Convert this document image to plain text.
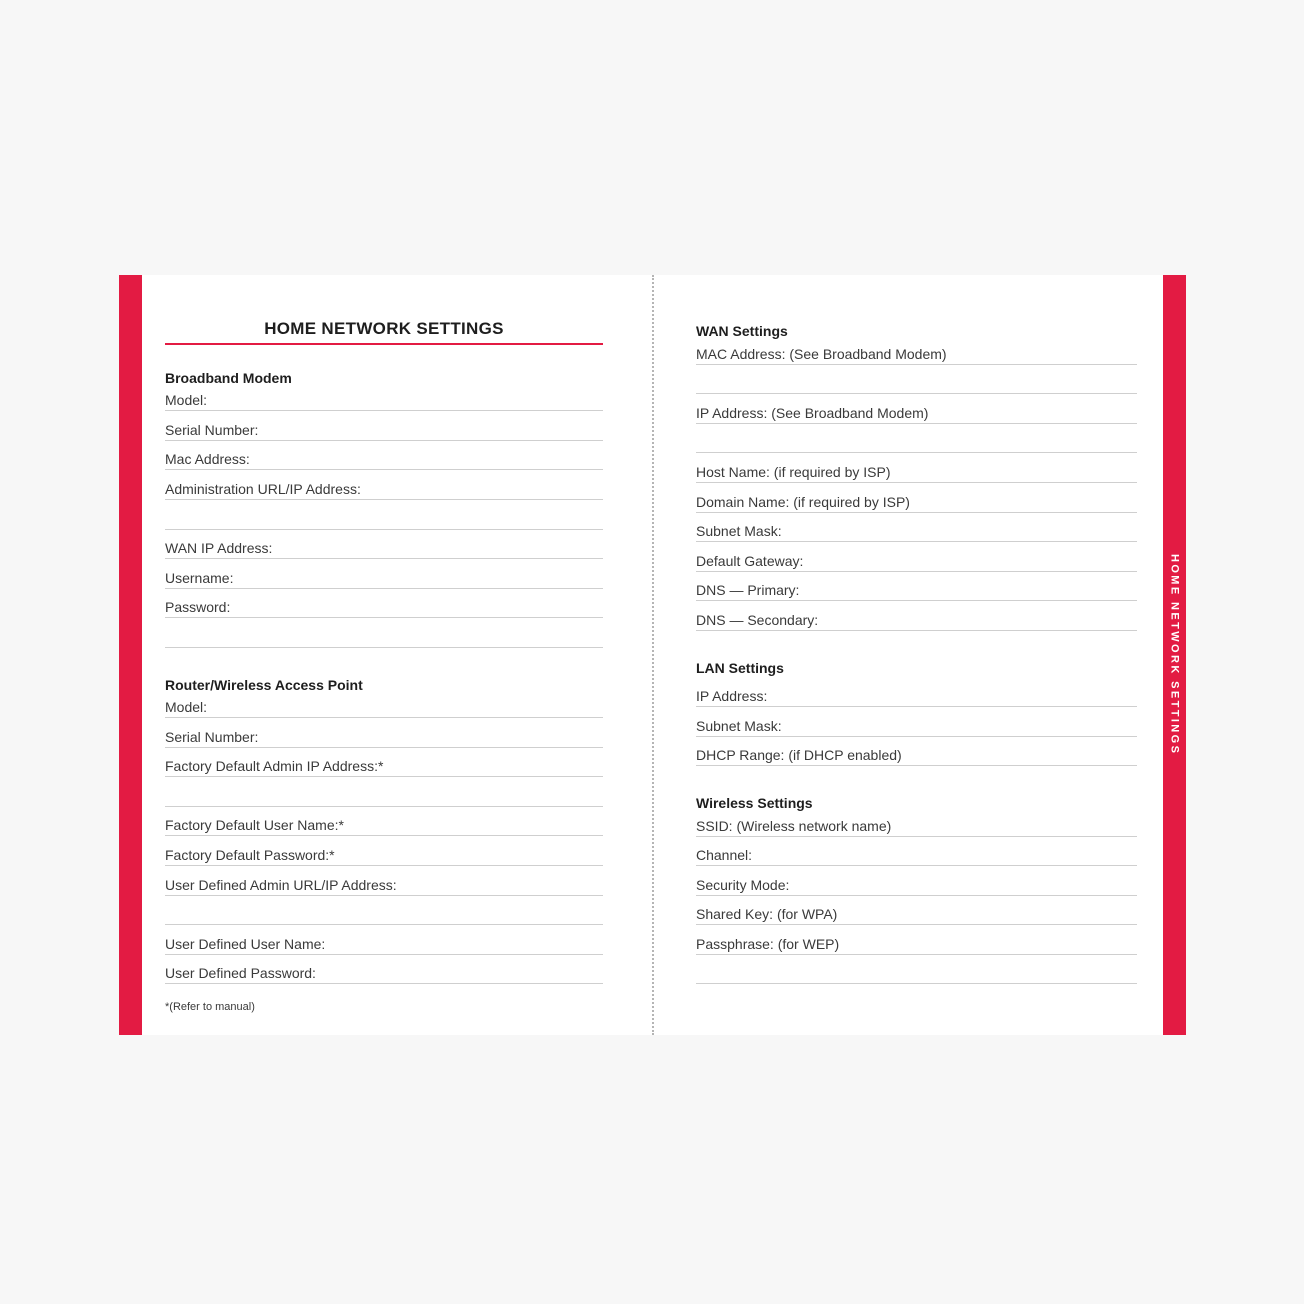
HOME NETWORK SETTINGS
HOME NETWORK SETTINGS
Broadband Modem
Model:
Serial Number:
Mac Address:
Administration URL/IP Address:
WAN IP Address:
Username:
Password:
Router/Wireless Access Point
Model:
Serial Number:
Factory Default Admin IP Address:*
Factory Default User Name:*
Factory Default Password:*
User Defined Admin URL/IP Address:
User Defined User Name:
User Defined Password:
*(Refer to manual)
WAN Settings
MAC Address: (See Broadband Modem)
IP Address: (See Broadband Modem)
Host Name: (if required by ISP)
Domain Name: (if required by ISP)
Subnet Mask:
Default Gateway:
DNS — Primary:
DNS — Secondary:
LAN Settings
IP Address:
Subnet Mask:
DHCP Range: (if DHCP enabled)
Wireless Settings
SSID: (Wireless network name)
Channel:
Security Mode:
Shared Key: (for WPA)
Passphrase: (for WEP)
